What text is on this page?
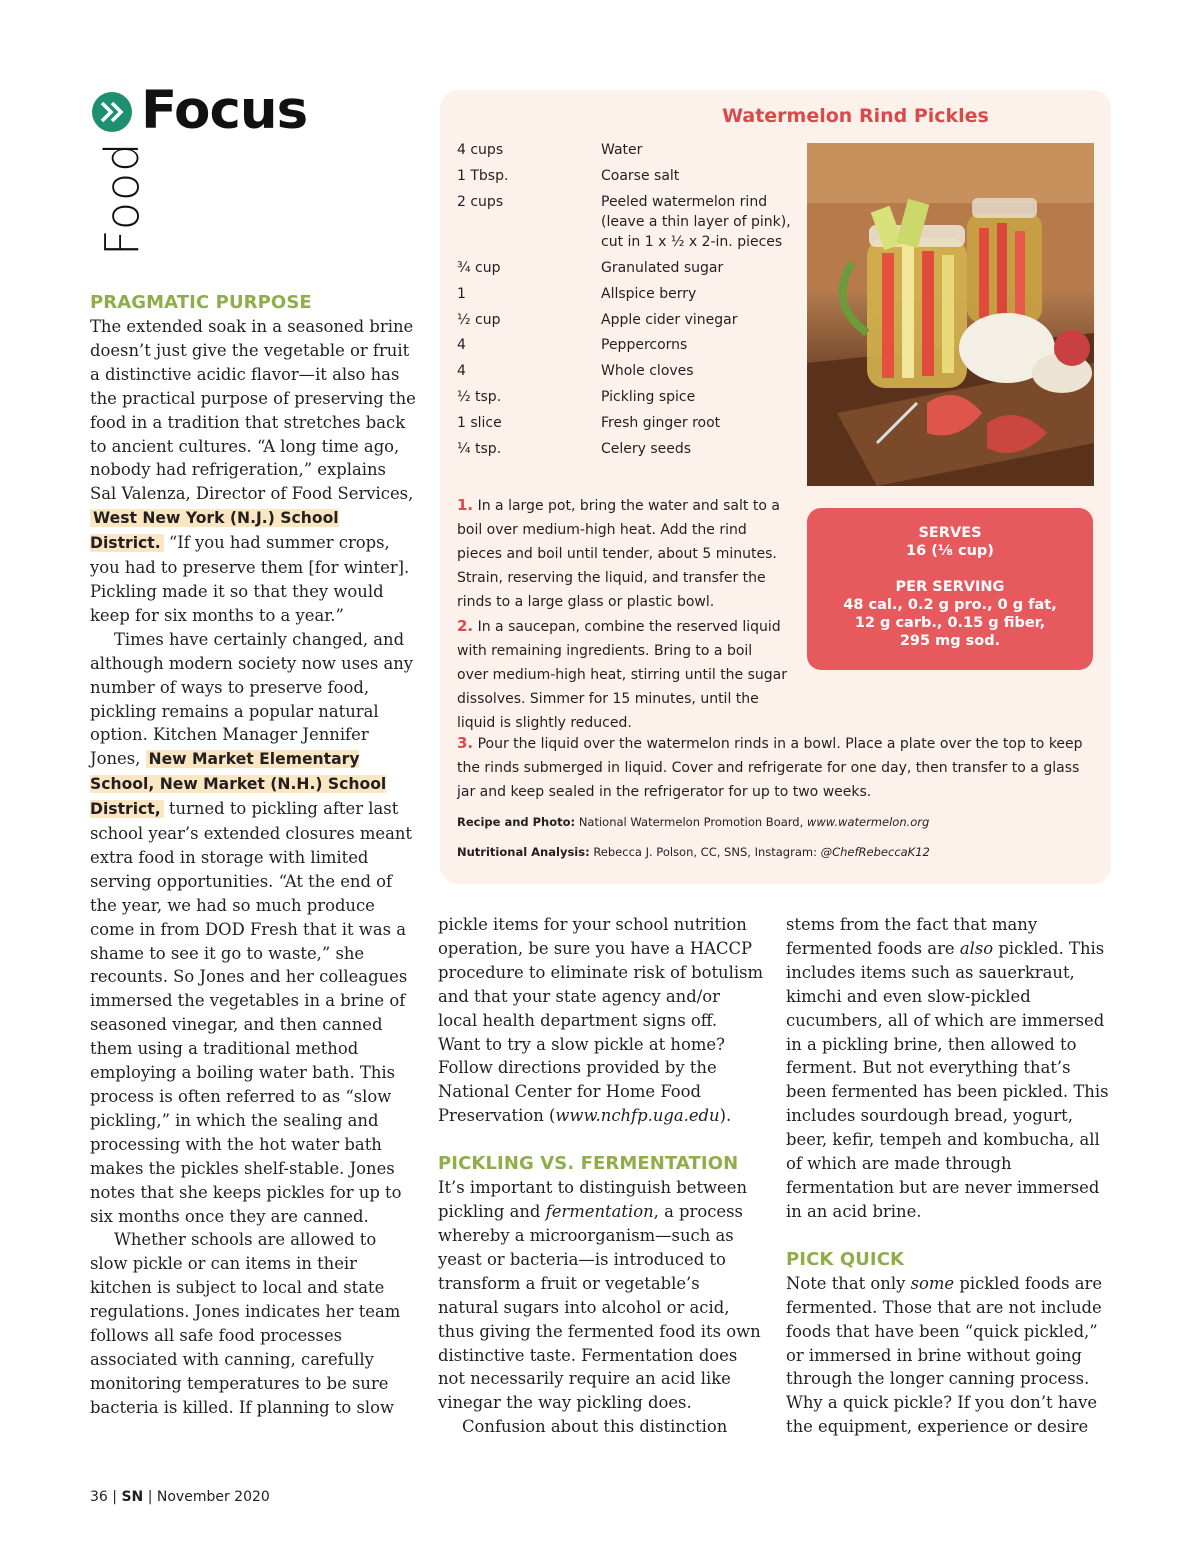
Focus
Food
PRAGMATIC PURPOSE

The extended soak in a seasoned brine doesn’t just give the vegetable or fruit a distinctive acidic flavor—it also has the practical purpose of preserving the food in a tradition that stretches back to ancient cultures. “A long time ago, nobody had refrigeration,” explains Sal Valenza, Director of Food Services, West New York (N.J.) School District. “If you had summer crops, you had to preserve them [for winter]. Pickling made it so that they would keep for six months to a year.”

Times have certainly changed, and although modern society now uses any number of ways to preserve food, pickling remains a popular natural option. Kitchen Manager Jennifer Jones, New Market Elementary School, New Market (N.H.) School District, turned to pickling after last school year’s extended closures meant extra food in storage with limited serving opportunities. “At the end of the year, we had so much produce come in from DOD Fresh that it was a shame to see it go to waste,” she recounts. So Jones and her colleagues immersed the vegetables in a brine of seasoned vinegar, and then canned them using a traditional method employing a boiling water bath. This process is often referred to as “slow pickling,” in which the sealing and processing with the hot water bath makes the pickles shelf-stable. Jones notes that she keeps pickles for up to six months once they are canned.

Whether schools are allowed to slow pickle or can items in their kitchen is subject to local and state regulations. Jones indicates her team follows all safe food processes associated with canning, carefully monitoring temperatures to be sure bacteria is killed. If planning to slow

Watermelon Rind Pickles
4 cups	Water
1 Tbsp.	Coarse salt
2 cups	Peeled watermelon rind (leave a thin layer of pink), cut in 1 x ½ x 2-in. pieces
¾ cup	Granulated sugar
1	Allspice berry
½ cup	Apple cider vinegar
4	Peppercorns
4	Whole cloves
½ tsp.	Pickling spice
1 slice	Fresh ginger root
¼ tsp.	Celery seeds
1. In a large pot, bring the water and salt to a boil over medium-high heat. Add the rind pieces and boil until tender, about 5 minutes. Strain, reserving the liquid, and transfer the rinds to a large glass or plastic bowl.
2. In a saucepan, combine the reserved liquid with remaining ingredients. Bring to a boil over medium-high heat, stirring until the sugar dissolves. Simmer for 15 minutes, until the liquid is slightly reduced.
3. Pour the liquid over the watermelon rinds in a bowl. Place a plate over the top to keep the rinds submerged in liquid. Cover and refrigerate for one day, then transfer to a glass jar and keep sealed in the refrigerator for up to two weeks.
Recipe and Photo: National Watermelon Promotion Board, www.watermelon.org
Nutritional Analysis: Rebecca J. Polson, CC, SNS, Instagram: @ChefRebeccaK12
SERVES
16 (⅛ cup)
PER SERVING
48 cal., 0.2 g pro., 0 g fat,
12 g carb., 0.15 g fiber,
295 mg sod.

pickle items for your school nutrition operation, be sure you have a HACCP procedure to eliminate risk of botulism and that your state agency and/or local health department signs off. Want to try a slow pickle at home? Follow directions provided by the National Center for Home Food Preservation (www.nchfp.uga.edu).

PICKLING VS. FERMENTATION

It’s important to distinguish between pickling and fermentation, a process whereby a microorganism—such as yeast or bacteria—is introduced to transform a fruit or vegetable’s natural sugars into alcohol or acid, thus giving the fermented food its own distinctive taste. Fermentation does not necessarily require an acid like vinegar the way pickling does.

Confusion about this distinction

stems from the fact that many fermented foods are also pickled. This includes items such as sauerkraut, kimchi and even slow-pickled cucumbers, all of which are immersed in a pickling brine, then allowed to ferment. But not everything that’s been fermented has been pickled. This includes sourdough bread, yogurt, beer, kefir, tempeh and kombucha, all of which are made through fermentation but are never immersed in an acid brine.

PICK QUICK

Note that only some pickled foods are fermented. Those that are not include foods that have been “quick pickled,” or immersed in brine without going through the longer canning process. Why a quick pickle? If you don’t have the equipment, experience or desire

36 | SN | November 2020
